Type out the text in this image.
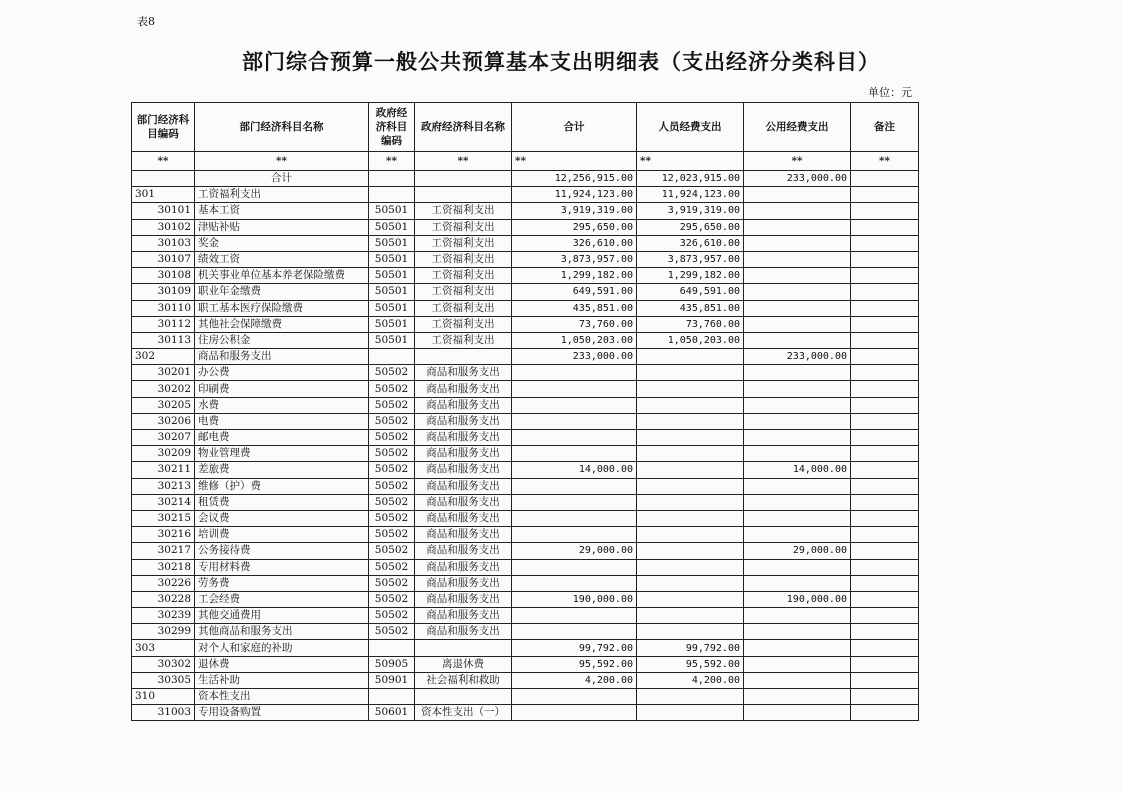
表8
部门综合预算一般公共预算基本支出明细表（支出经济分类科目）
单位：元
部门经济科目编码	部门经济科目名称	政府经济科目编码	政府经济科目名称	合计	人员经费支出	公用经费支出	备注
**	**	**	**	**	**	**	**
	合计			12,256,915.00	12,023,915.00	233,000.00	
301	工资福利支出			11,924,123.00	11,924,123.00		
30101	基本工资	50501	工资福利支出	3,919,319.00	3,919,319.00		
30102	津贴补贴	50501	工资福利支出	295,650.00	295,650.00		
30103	奖金	50501	工资福利支出	326,610.00	326,610.00		
30107	绩效工资	50501	工资福利支出	3,873,957.00	3,873,957.00		
30108	机关事业单位基本养老保险缴费	50501	工资福利支出	1,299,182.00	1,299,182.00		
30109	职业年金缴费	50501	工资福利支出	649,591.00	649,591.00		
30110	职工基本医疗保险缴费	50501	工资福利支出	435,851.00	435,851.00		
30112	其他社会保障缴费	50501	工资福利支出	73,760.00	73,760.00		
30113	住房公积金	50501	工资福利支出	1,050,203.00	1,050,203.00		
302	商品和服务支出			233,000.00		233,000.00	
30201	办公费	50502	商品和服务支出				
30202	印刷费	50502	商品和服务支出				
30205	水费	50502	商品和服务支出				
30206	电费	50502	商品和服务支出				
30207	邮电费	50502	商品和服务支出				
30209	物业管理费	50502	商品和服务支出				
30211	差旅费	50502	商品和服务支出	14,000.00		14,000.00	
30213	维修（护）费	50502	商品和服务支出				
30214	租赁费	50502	商品和服务支出				
30215	会议费	50502	商品和服务支出				
30216	培训费	50502	商品和服务支出				
30217	公务接待费	50502	商品和服务支出	29,000.00		29,000.00	
30218	专用材料费	50502	商品和服务支出				
30226	劳务费	50502	商品和服务支出				
30228	工会经费	50502	商品和服务支出	190,000.00		190,000.00	
30239	其他交通费用	50502	商品和服务支出				
30299	其他商品和服务支出	50502	商品和服务支出				
303	对个人和家庭的补助			99,792.00	99,792.00		
30302	退休费	50905	离退休费	95,592.00	95,592.00		
30305	生活补助	50901	社会福利和救助	4,200.00	4,200.00		
310	资本性支出						
31003	专用设备购置	50601	资本性支出（一）				
